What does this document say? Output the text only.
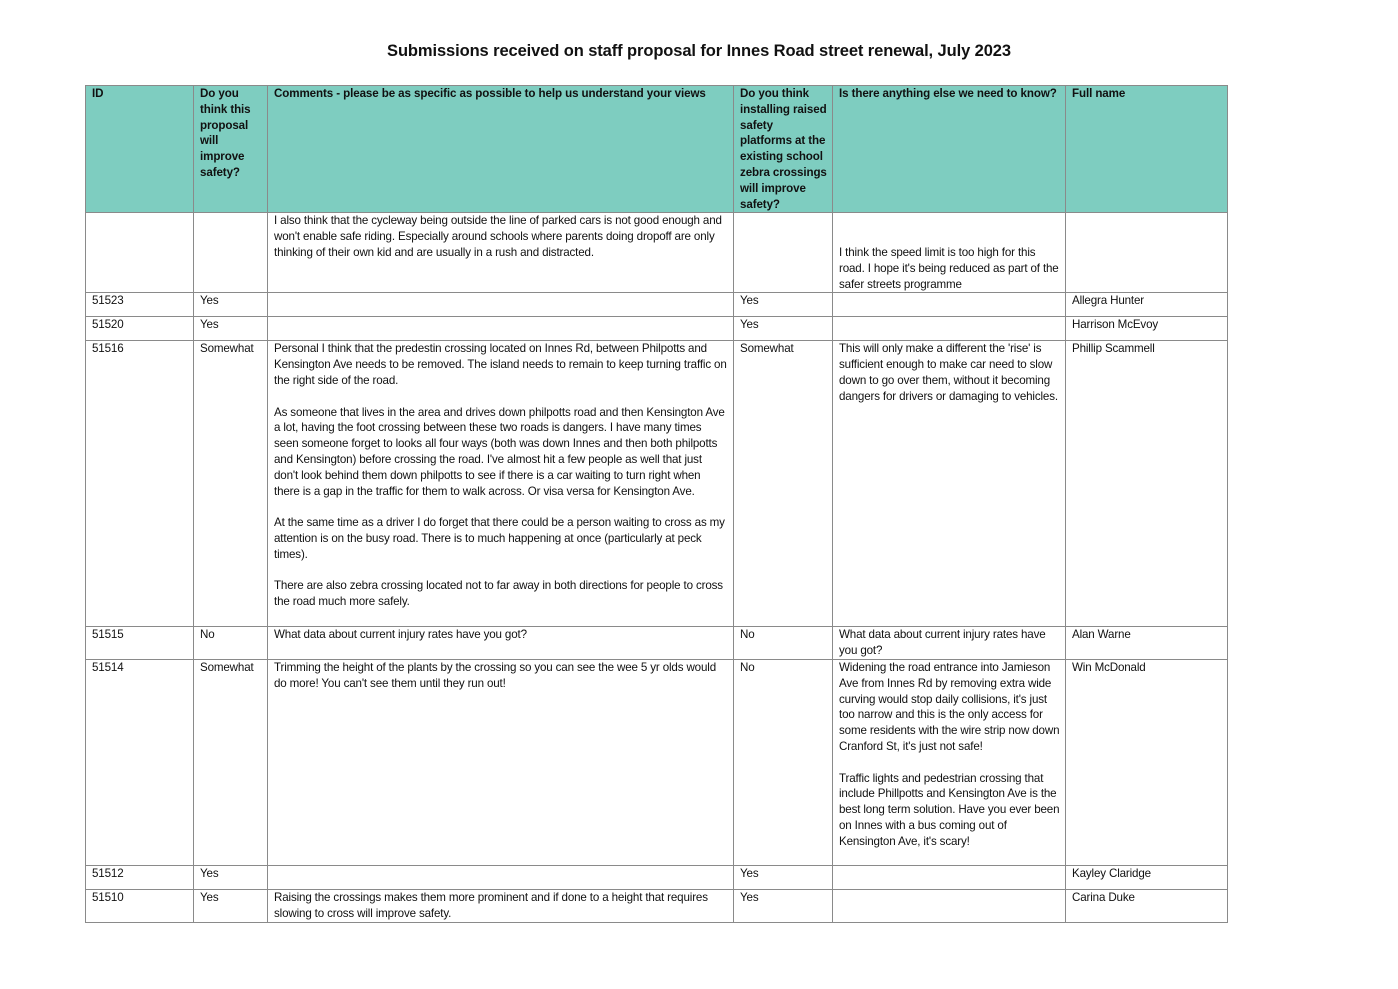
Submissions received on staff proposal for Innes Road street renewal, July 2023
ID	Do you think this proposal will improve safety?	Comments - please be as specific as possible to help us understand your views	Do you think installing raised safety platforms at the existing school zebra crossings will improve safety?	Is there anything else we need to know?	Full name
		I also think that the cycleway being outside the line of parked cars is not good enough and won't enable safe riding. Especially around schools where parents doing dropoff are only thinking of their own kid and are usually in a rush and distracted.		I think the speed limit is too high for this road. I hope it's being reduced as part of the safer streets programme	
51523	Yes		Yes		Allegra Hunter
51520	Yes		Yes		Harrison McEvoy
51516	Somewhat	Personal I think that the predestin crossing located on Innes Rd, between Philpotts and Kensington Ave needs to be removed. The island needs to remain to keep turning traffic on the right side of the road.

As someone that lives in the area and drives down philpotts road and then Kensington Ave a lot, having the foot crossing between these two roads is dangers. I have many times seen someone forget to looks all four ways (both was down Innes and then both philpotts and Kensington) before crossing the road. I've almost hit a few people as well that just don't look behind them down philpotts to see if there is a car waiting to turn right when there is a gap in the traffic for them to walk across. Or visa versa for Kensington Ave.

At the same time as a driver I do forget that there could be a person waiting to cross as my attention is on the busy road. There is to much happening at once (particularly at peck times).

There are also zebra crossing located not to far away in both directions for people to cross the road much more safely.	Somewhat	This will only make a different the 'rise' is sufficient enough to make car need to slow down to go over them, without it becoming dangers for drivers or damaging to vehicles.	Phillip Scammell
51515	No	What data about current injury rates have you got?	No	What data about current injury rates have you got?	Alan Warne
51514	Somewhat	Trimming the height of the plants by the crossing so you can see the wee 5 yr olds would do more! You can't see them until they run out!	No	Widening the road entrance into Jamieson Ave from Innes Rd by removing extra wide curving would stop daily collisions, it's just too narrow and this is the only access for some residents with the wire strip now down Cranford St, it's just not safe!

Traffic lights and pedestrian crossing that include Phillpotts and Kensington Ave is the best long term solution. Have you ever been on Innes with a bus coming out of Kensington Ave, it's scary!	Win McDonald
51512	Yes		Yes		Kayley Claridge
51510	Yes	Raising the crossings makes them more prominent and if done to a height that requires slowing to cross will improve safety.	Yes		Carina Duke
